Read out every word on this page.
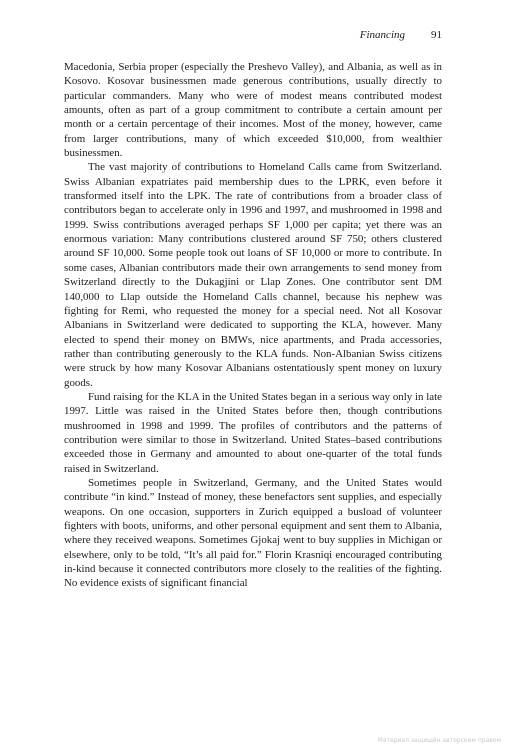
Financing 91

Macedonia, Serbia proper (especially the Preshevo Valley), and Albania, as well as in Kosovo. Kosovar businessmen made generous contributions, usually directly to particular commanders. Many who were of modest means contributed modest amounts, often as part of a group commitment to contribute a certain amount per month or a certain percentage of their incomes. Most of the money, however, came from larger contributions, many of which exceeded $10,000, from wealthier businessmen.

The vast majority of contributions to Homeland Calls came from Switzerland. Swiss Albanian expatriates paid membership dues to the LPRK, even before it transformed itself into the LPK. The rate of contributions from a broader class of contributors began to accelerate only in 1996 and 1997, and mushroomed in 1998 and 1999. Swiss contributions averaged perhaps SF 1,000 per capita; yet there was an enormous variation: Many contributions clustered around SF 750; others clustered around SF 10,000. Some people took out loans of SF 10,000 or more to contribute. In some cases, Albanian contributors made their own arrangements to send money from Switzerland directly to the Dukagjini or Llap Zones. One contributor sent DM 140,000 to Llap outside the Homeland Calls channel, because his nephew was fighting for Remi, who requested the money for a special need. Not all Kosovar Albanians in Switzerland were dedicated to supporting the KLA, however. Many elected to spend their money on BMWs, nice apartments, and Prada accessories, rather than contributing generously to the KLA funds. Non-Albanian Swiss citizens were struck by how many Kosovar Albanians ostentatiously spent money on luxury goods.

Fund raising for the KLA in the United States began in a serious way only in late 1997. Little was raised in the United States before then, though contributions mushroomed in 1998 and 1999. The profiles of contributors and the patterns of contribution were similar to those in Switzerland. United States–based contributions exceeded those in Germany and amounted to about one-quarter of the total funds raised in Switzerland.

Sometimes people in Switzerland, Germany, and the United States would contribute “in kind.” Instead of money, these benefactors sent supplies, and especially weapons. On one occasion, supporters in Zurich equipped a busload of volunteer fighters with boots, uniforms, and other personal equipment and sent them to Albania, where they received weapons. Sometimes Gjokaj went to buy supplies in Michigan or elsewhere, only to be told, “It’s all paid for.” Florin Krasniqi encouraged contributing in-kind because it connected contributors more closely to the realities of the fighting. No evidence exists of significant financial

Материал защищён авторским правом
